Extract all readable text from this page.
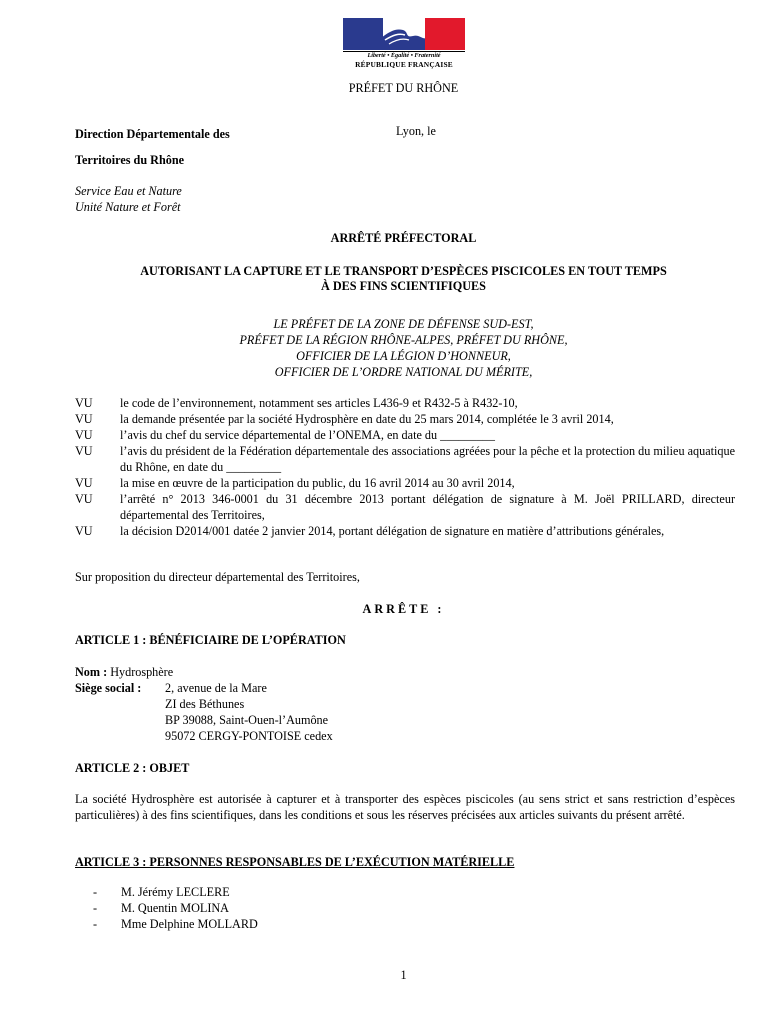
Liberté • Égalité • Fraternité
RÉPUBLIQUE FRANÇAISE
PRÉFET DU RHÔNE
Direction Départementale des	Lyon, le
Territoires du Rhône
Service Eau et Nature
Unité Nature et Forêt
ARRÊTÉ PRÉFECTORAL
AUTORISANT LA CAPTURE ET LE TRANSPORT D’ESPÈCES PISCICOLES EN TOUT TEMPS
À DES FINS SCIENTIFIQUES
LE PRÉFET DE LA ZONE DE DÉFENSE SUD-EST,
PRÉFET DE LA RÉGION RHÔNE-ALPES, PRÉFET DU RHÔNE,
OFFICIER DE LA LÉGION D’HONNEUR,
OFFICIER DE L’ORDRE NATIONAL DU MÉRITE,
VU	le code de l’environnement, notamment ses articles L436-9 et R432-5 à R432-10,
VU	la demande présentée par la société Hydrosphère en date du 25 mars 2014, complétée le 3 avril 2014,
VU	l’avis du chef du service départemental de l’ONEMA, en date du _________
VU	l’avis du président de la Fédération départementale des associations agréées pour la pêche et la protection du milieu aquatique du Rhône, en date du _________
VU	la mise en œuvre de la participation du public, du 16 avril 2014 au 30 avril 2014,
VU	l’arrêté n° 2013 346-0001 du 31 décembre 2013 portant délégation de signature à M. Joël PRILLARD, directeur départemental des Territoires,
VU	la décision D2014/001 datée 2 janvier 2014, portant délégation de signature en matière d’attributions générales,
Sur proposition du directeur départemental des Territoires,
ARRÊTE :
ARTICLE 1 : BÉNÉFICIAIRE DE L’OPÉRATION
Nom : Hydrosphère
Siège social :	2, avenue de la Mare
ZI des Béthunes
BP 39088, Saint-Ouen-l’Aumône
95072 CERGY-PONTOISE cedex
ARTICLE 2 : OBJET
La société Hydrosphère est autorisée à capturer et à transporter des espèces piscicoles (au sens strict et sans restriction d’espèces particulières) à des fins scientifiques, dans les conditions et sous les réserves précisées aux articles suivants du présent arrêté.
ARTICLE 3 : PERSONNES RESPONSABLES DE L’EXÉCUTION MATÉRIELLE
-	M. Jérémy LECLERE
-	M. Quentin MOLINA
-	Mme Delphine MOLLARD
1
